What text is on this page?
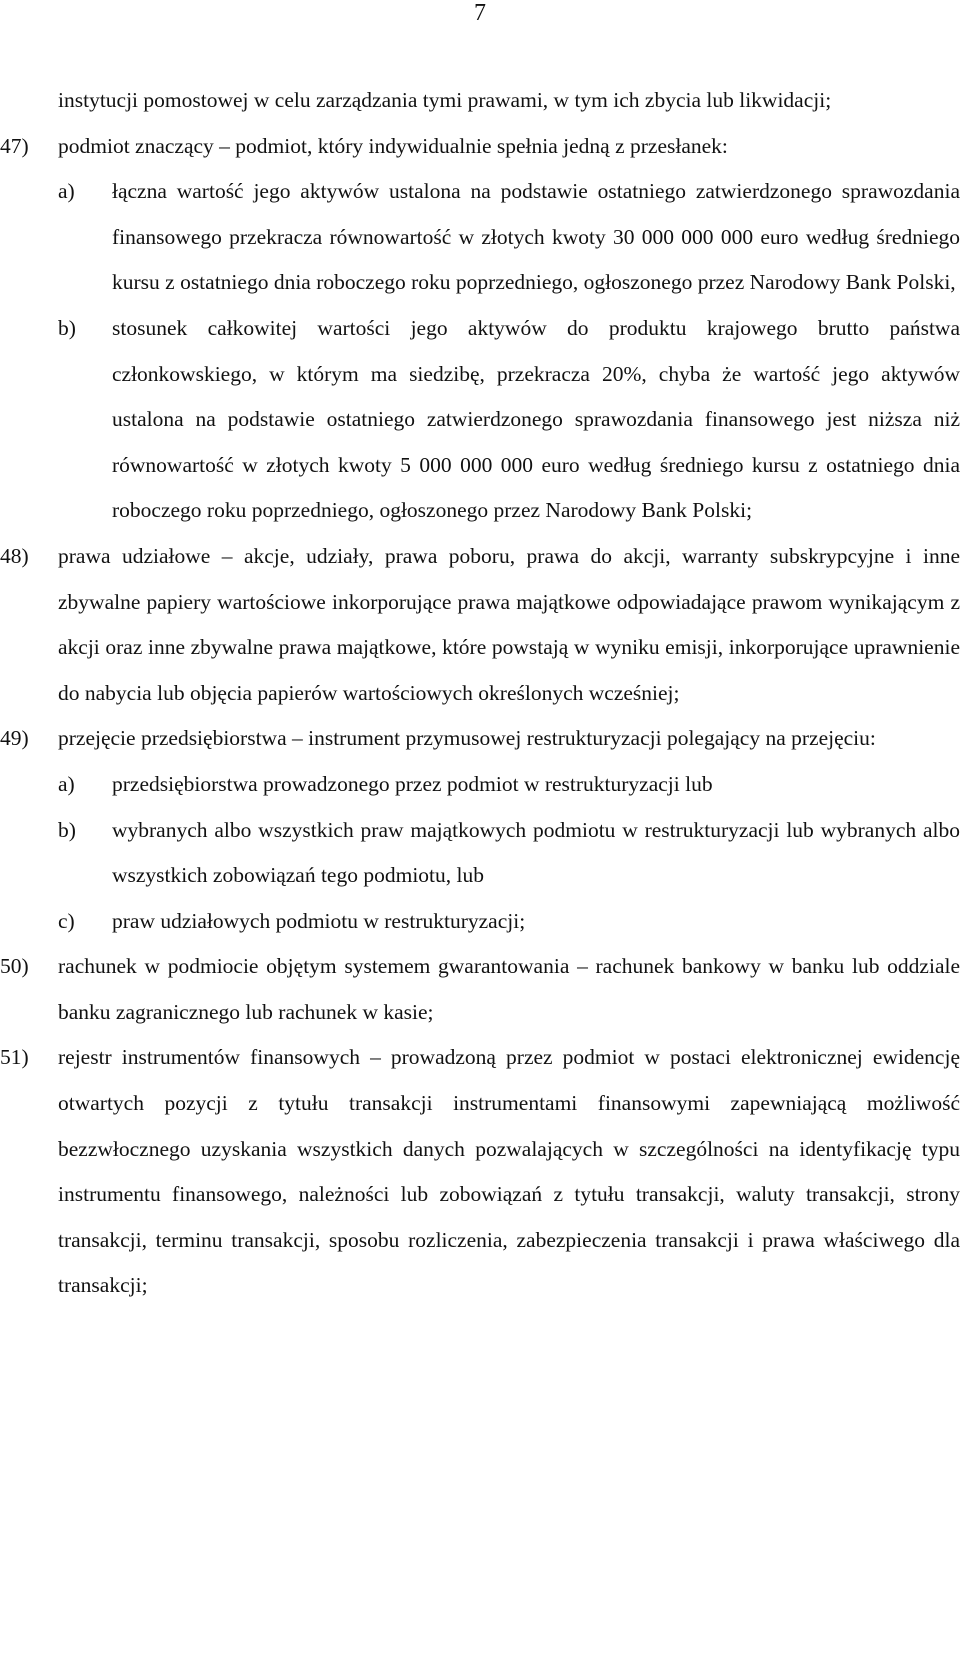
7
instytucji pomostowej w celu zarządzania tymi prawami, w tym ich zbycia lub likwidacji;
47)	podmiot znaczący – podmiot, który indywidualnie spełnia jedną z przesłanek:
a)	łączna wartość jego aktywów ustalona na podstawie ostatniego zatwierdzonego sprawozdania finansowego przekracza równowartość w złotych kwoty 30 000 000 000 euro według średniego kursu z ostatniego dnia roboczego roku poprzedniego, ogłoszonego przez Narodowy Bank Polski,
b)	stosunek całkowitej wartości jego aktywów do produktu krajowego brutto państwa członkowskiego, w którym ma siedzibę, przekracza 20%, chyba że wartość jego aktywów ustalona na podstawie ostatniego zatwierdzonego sprawozdania finansowego jest niższa niż równowartość w złotych kwoty 5 000 000 000 euro według średniego kursu z ostatniego dnia roboczego roku poprzedniego, ogłoszonego przez Narodowy Bank Polski;
48)	prawa udziałowe – akcje, udziały, prawa poboru, prawa do akcji, warranty subskrypcyjne i inne zbywalne papiery wartościowe inkorporujące prawa majątkowe odpowiadające prawom wynikającym z akcji oraz inne zbywalne prawa majątkowe, które powstają w wyniku emisji, inkorporujące uprawnienie do nabycia lub objęcia papierów wartościowych określonych wcześniej;
49)	przejęcie przedsiębiorstwa – instrument przymusowej restrukturyzacji polegający na przejęciu:
a)	przedsiębiorstwa prowadzonego przez podmiot w restrukturyzacji lub
b)	wybranych albo wszystkich praw majątkowych podmiotu w restrukturyzacji lub wybranych albo wszystkich zobowiązań tego podmiotu, lub
c)	praw udziałowych podmiotu w restrukturyzacji;
50)	rachunek w podmiocie objętym systemem gwarantowania – rachunek bankowy w banku lub oddziale banku zagranicznego lub rachunek w kasie;
51)	rejestr instrumentów finansowych – prowadzoną przez podmiot w postaci elektronicznej ewidencję otwartych pozycji z tytułu transakcji instrumentami finansowymi zapewniającą możliwość bezzwłocznego uzyskania wszystkich danych pozwalających w szczególności na identyfikację typu instrumentu finansowego, należności lub zobowiązań z tytułu transakcji, waluty transakcji, strony transakcji, terminu transakcji, sposobu rozliczenia, zabezpieczenia transakcji i prawa właściwego dla transakcji;
